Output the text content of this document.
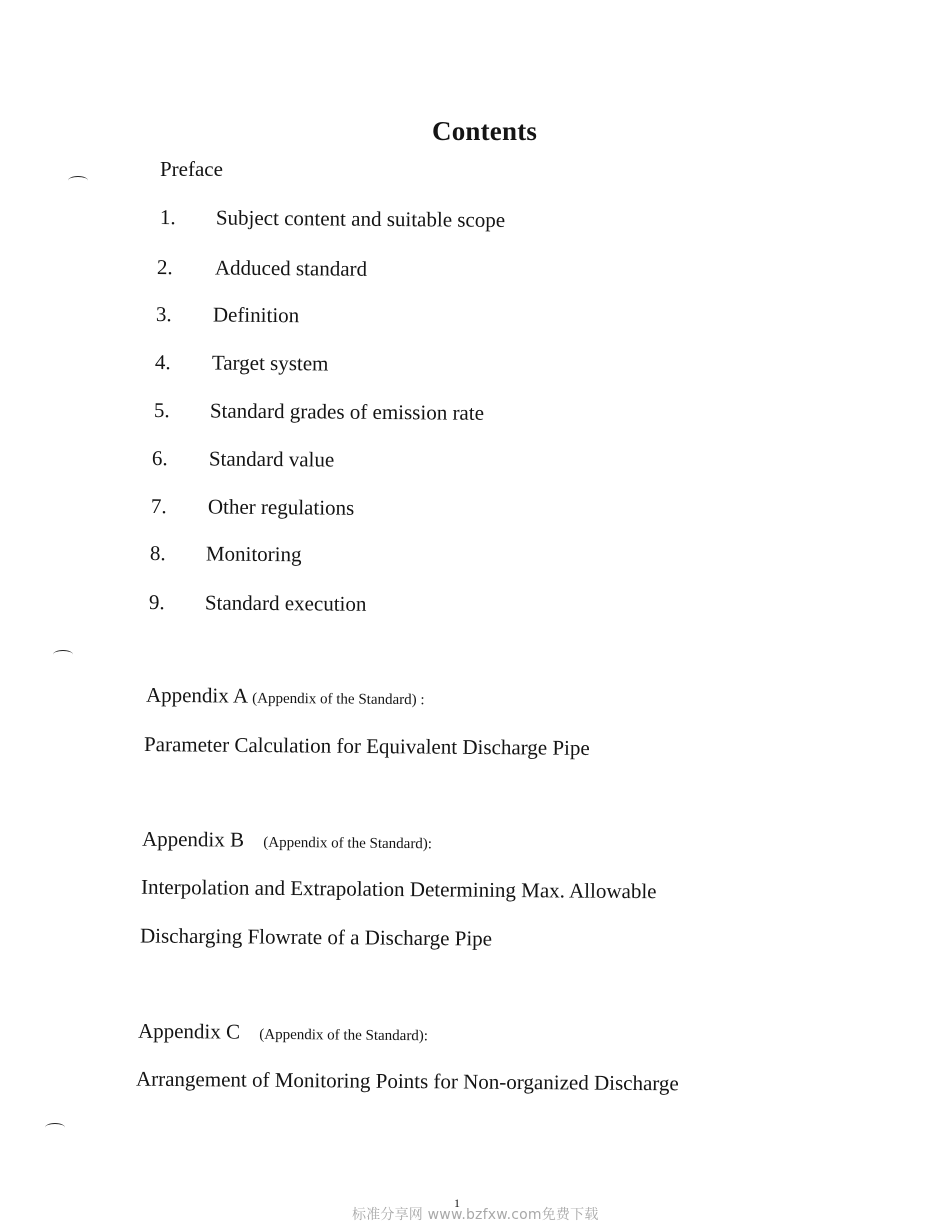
Contents
Preface
1. Subject content and suitable scope
2. Adduced standard
3. Definition
4. Target system
5. Standard grades of emission rate
6. Standard value
7. Other regulations
8. Monitoring
9. Standard execution
Appendix A (Appendix of the Standard) :
Parameter Calculation for Equivalent Discharge Pipe
Appendix B (Appendix of the Standard):
Interpolation and Extrapolation Determining Max. Allowable
Discharging Flowrate of a Discharge Pipe
Appendix C (Appendix of the Standard):
Arrangement of Monitoring Points for Non-organized Discharge
1
标准分享网 www.bzfxw.com免费下载
